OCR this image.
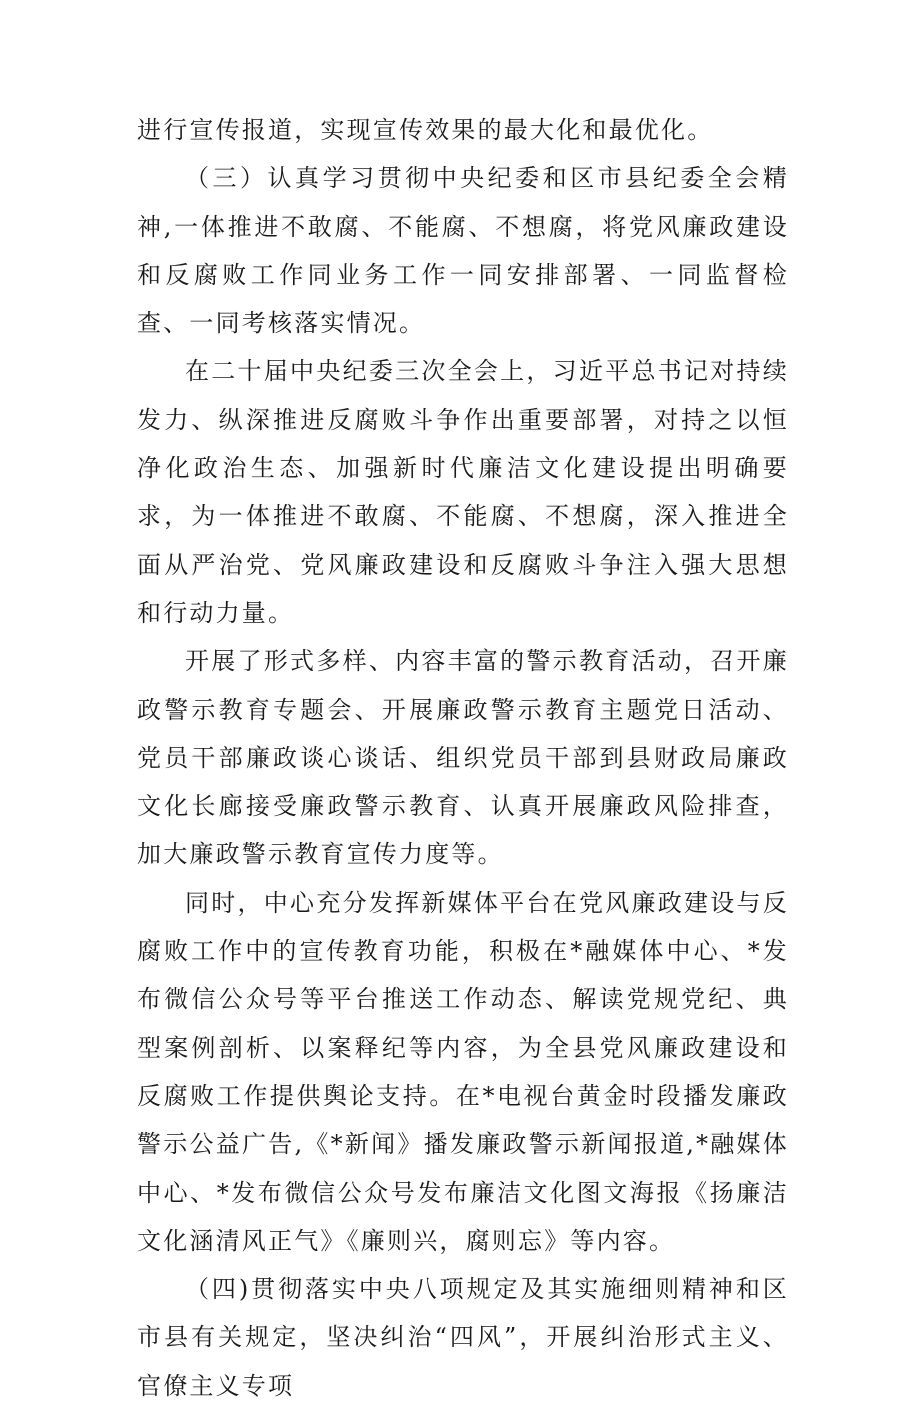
进行宣传报道，实现宣传效果的最大化和最优化。

（三）认真学习贯彻中央纪委和区市县纪委全会精神,一体推进不敢腐、不能腐、不想腐，将党风廉政建设和反腐败工作同业务工作一同安排部署、一同监督检查、一同考核落实情况。

在二十届中央纪委三次全会上，习近平总书记对持续发力、纵深推进反腐败斗争作出重要部署，对持之以恒净化政治生态、加强新时代廉洁文化建设提出明确要求，为一体推进不敢腐、不能腐、不想腐，深入推进全面从严治党、党风廉政建设和反腐败斗争注入强大思想和行动力量。

开展了形式多样、内容丰富的警示教育活动，召开廉政警示教育专题会、开展廉政警示教育主题党日活动、党员干部廉政谈心谈话、组织党员干部到县财政局廉政文化长廊接受廉政警示教育、认真开展廉政风险排查，加大廉政警示教育宣传力度等。

同时，中心充分发挥新媒体平台在党风廉政建设与反腐败工作中的宣传教育功能，积极在*融媒体中心、*发布微信公众号等平台推送工作动态、解读党规党纪、典型案例剖析、以案释纪等内容，为全县党风廉政建设和反腐败工作提供舆论支持。在*电视台黄金时段播发廉政警示公益广告,《*新闻》播发廉政警示新闻报道,*融媒体中心、*发布微信公众号发布廉洁文化图文海报《扬廉洁文化涵清风正气》《廉则兴，腐则忘》等内容。

（四)贯彻落实中央八项规定及其实施细则精神和区市县有关规定，坚决纠治“四风”，开展纠治形式主义、官僚主义专项
